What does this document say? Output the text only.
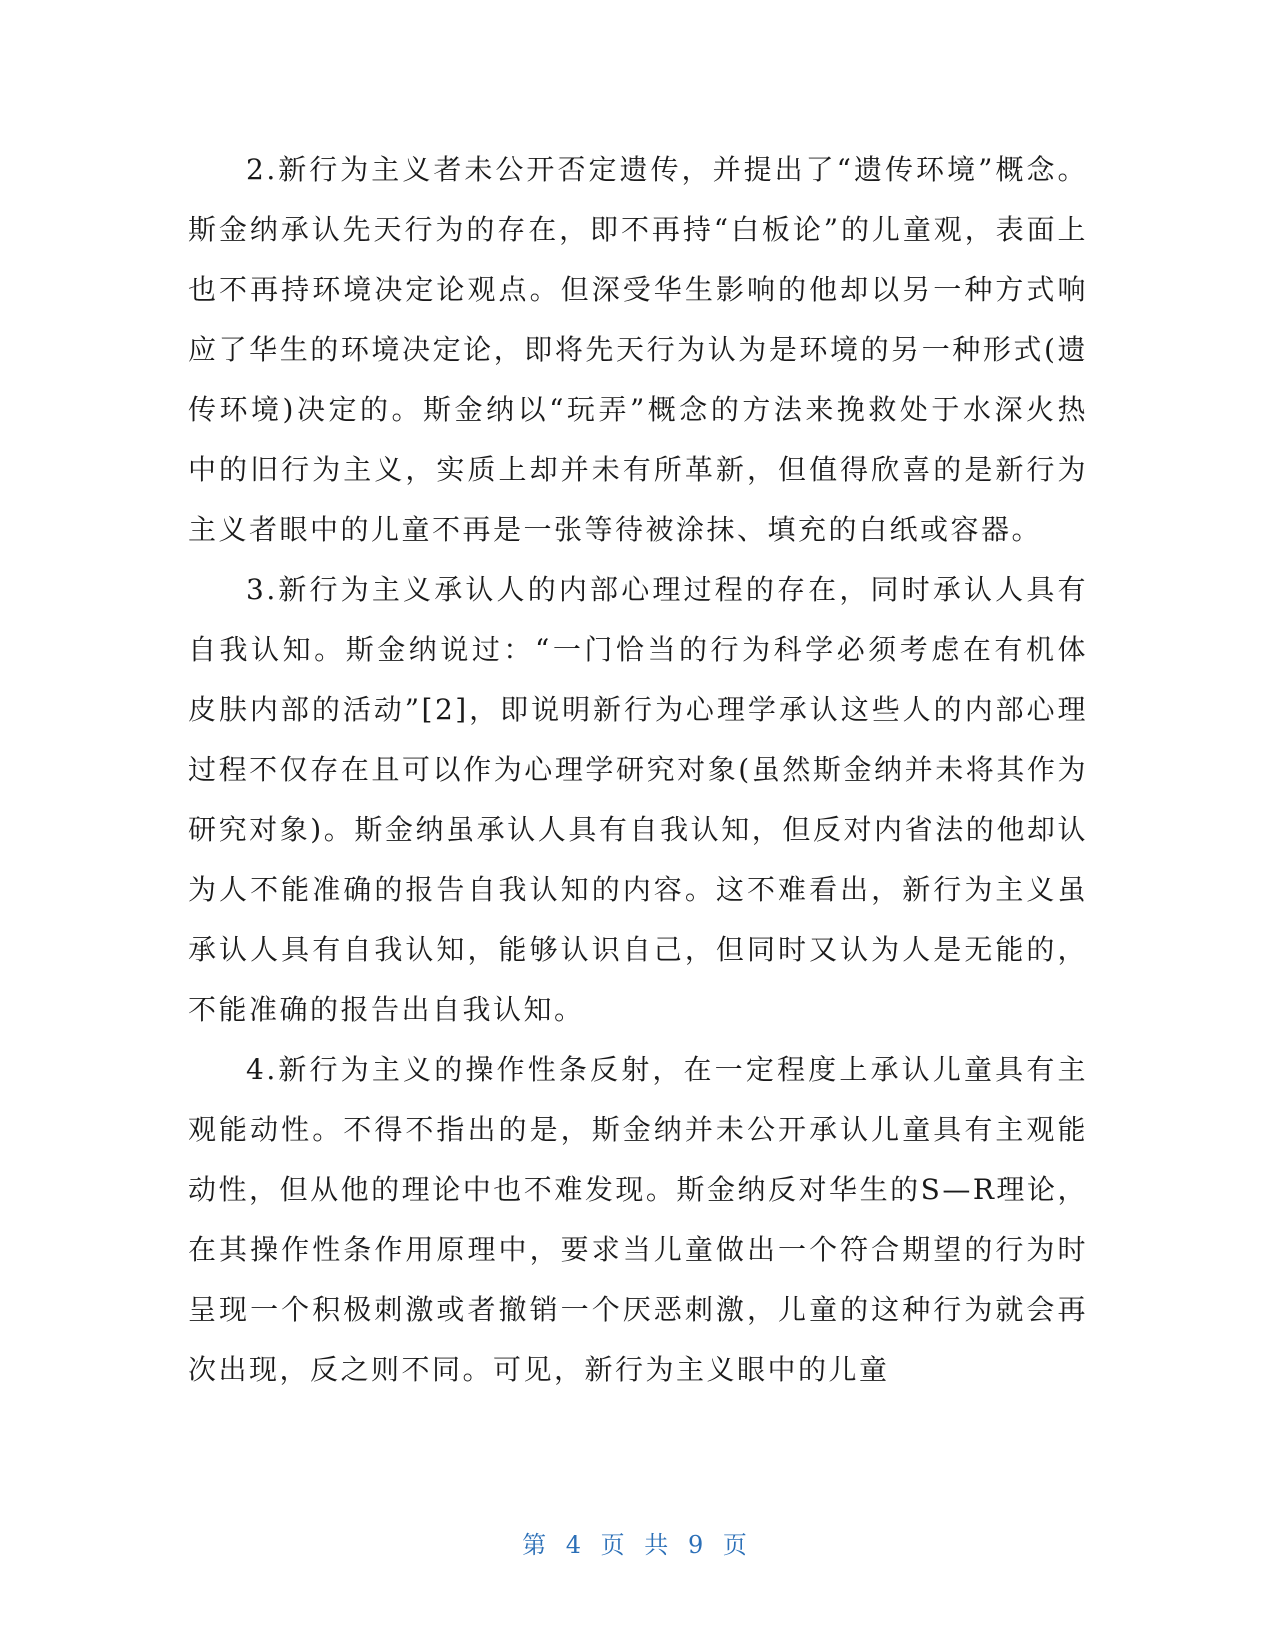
2.新行为主义者未公开否定遗传，并提出了“遗传环境”概念。斯金纳承认先天行为的存在，即不再持“白板论”的儿童观，表面上也不再持环境决定论观点。但深受华生影响的他却以另一种方式响应了华生的环境决定论，即将先天行为认为是环境的另一种形式(遗传环境)决定的。斯金纳以“玩弄”概念的方法来挽救处于水深火热中的旧行为主义，实质上却并未有所革新，但值得欣喜的是新行为主义者眼中的儿童不再是一张等待被涂抹、填充的白纸或容器。

3.新行为主义承认人的内部心理过程的存在，同时承认人具有自我认知。斯金纳说过：“一门恰当的行为科学必须考虑在有机体皮肤内部的活动”[2]，即说明新行为心理学承认这些人的内部心理过程不仅存在且可以作为心理学研究对象(虽然斯金纳并未将其作为研究对象)。斯金纳虽承认人具有自我认知，但反对内省法的他却认为人不能准确的报告自我认知的内容。这不难看出，新行为主义虽承认人具有自我认知，能够认识自己，但同时又认为人是无能的，不能准确的报告出自我认知。

4.新行为主义的操作性条反射，在一定程度上承认儿童具有主观能动性。不得不指出的是，斯金纳并未公开承认儿童具有主观能动性，但从他的理论中也不难发现。斯金纳反对华生的S—R理论，在其操作性条作用原理中，要求当儿童做出一个符合期望的行为时呈现一个积极刺激或者撤销一个厌恶刺激，儿童的这种行为就会再次出现，反之则不同。可见，新行为主义眼中的儿童

第 4 页 共 9 页
